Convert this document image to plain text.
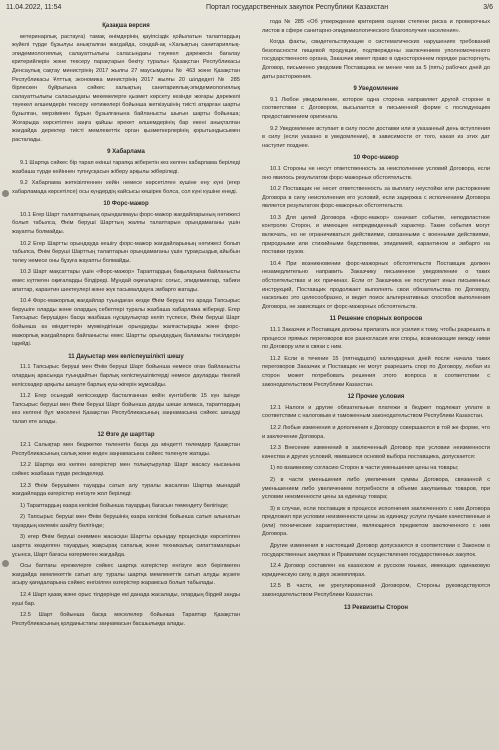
11.04.2022, 11:54	Портал государственных закупок Республики Казахстан	3/6
Қазақша версия

ветеринарлық растауға) тамақ өнімдерінің қауіпсіздік қойылатын талаптардың жүйелі түрде бұзылуы анықталған жағдайда, сондай-ақ «Халықтың санитариялық-эпидемиологиялық салауаттылығы саласындағы тәуекел дәрежесін бағалау критерийлерін және тексеру парақтарын бекіту туралы» Қазақстан Республикасы Денсаулық сақтау министрінің 2017 жылғы 27 маусымдағы № 463 және Қазақстан Республикасы Ұлттық экономика министрінің 2017 жылғы 20 шілдедегі № 285 бірлескен бұйрығына сәйкес халықтың санитариялық-эпидемиологиялық салауаттылығы саласындағы мекемелерге қызмет көрсету кезінде жоғары дәрежелі тәуекел өлшемдерін тексеру нәтижелері бойынша жеткізушінің тиісті атқарған шарты бұзылған, мерзімінен бұрын бұзылғанына байланысты шығын шарты бойынша; Жоғарыда көрсетілген заңға қайшы әрекет өлшемдерінің бар екені анықталған жағдайда деректер тиісті мемлекеттік орган қызметкерлерінің қорытындысымен расталады.

9 Хабарлама

9.1 Шартқа сәйкес бір тарап екінші тарапқа жіберетін кез келген хабарлама беріледі жазбаша түрде кейіннен түпнұсқасын жіберу арқылы жіберіледі.

9.2 Хабарлама жеткізілгеннен кейін немесе көрсетілген күшіне ену күні (егер хабарламада көрсетілсе) осы күндердің кайсысы кешірек болса, сол күні күшіне енеді.

10 Форс-мажор

10.1 Егер Шарт талаптарының орындалмауы форс-мажор жағдайларының нәтижесі болып табылса, Өнім беруші Шарттың жалпы талаптарын орындамағаны үшін жауапты болмайды.

10.2 Егер Шартты орындауда кешігу форс-мажор жағдайларының нәтижесі болып табылса, Өнім беруші Шарттың талаптарын орындамағаны үшін тұрақсыздық айыбын төлеу немесе оны бұзуға жауапты болмайды.

10.3 Шарт мақсаттары үшін «Форс-мажор» Тараптардың бақылауына байланысты емес күтпеген оқиғаларды білдіреді. Мұндай оқиғаларға: соғыс, эпидемиялар, табиғи апаттар, карантин шектеулері және жүк тасымалдауға эмбарго жатады.

10.4 Форс-мажорлық жағдайлар туындаған кезде Өнім беруші тез арада Тапсырыс берушіге оларды және олардың себептері туралы жазбаша хабарлама жібереді. Егер Тапсырыс берушіден басқа жазбаша нұсқаулықтар келіп түспесе, Өнім беруші Шарт бойынша өз міндеттерін мүмкіндігінше орындауды жалғастырады және форс-мажорлық жағдайларға байланысты емес Шартты орындаудың баламалы тәсілдерін іздейді.

11 Дауыстар мен келіспеушілікті шешу

11.1 Тапсырыс беруші мен Өнім беруші Шарт бойынша немесе оған байланысты олардың арасында туындайтын барлық келіспеушіліктерді немесе дауларды тікелей келіссөздер арқылы шешуге барлық күш-жігерін жұмсайды.

11.2 Егер осындай келіссөздер басталғаннан кейін күнтізбелік 15 күн ішінде Тапсырыс беруші мен Өнім беруші Шарт бойынша дауды шеше алмаса, тараптардың кез келгені бұл мәселені Қазақстан Республикасының заңнамасына сәйкес шешуді талап ете алады.

12 Өзге де шарттар

12.1 Салықтар мен бюджетке төленетін басқа да міндетті төлемдер Қазақстан Республикасының салық және кеден заңнамасына сәйкес төленуге жатады.

12.2 Шартқа кез келген өзгерістер мен толықтырулар Шарт жасасу нысанына сәйкес жазбаша түрде ресімделеді.

12.3 Өнім берушімен тауарды сатып алу туралы жасалған Шартқа мынадай жағдайларда өзгерістер енгізуге жол беріледі:

1) Тараптардың өзара келісімі бойынша тауардың бағасын төмендету бөлігінде;

2) Тапсырыс беруші мен Өнім берушінің өзара келісімі бойынша сатып алынатын тауардың көлемін азайту бөлігінде;

3) егер Өнім беруші ониммен жасасқан Шартты орындау процесінде көрсетілген шартта көзделген тауардың жақсырақ сапалық және техникалық сипаттамаларын ұсынса, Шарт бағасы өзгермеген жағдайда.

Осы баптағы ережелерге сәйкес шартқа өзгерістер енгізуге жол берілмеген жағдайда мемлекеттік сатып алу туралы шартқа мемлекеттік сатып алуды жүзеге асыру қағидаларына сәйкес енгізілген өзгерістер жарамсыз болып табылады.

12.4 Шарт қазақ және орыс тілдерінде екі данада жасалады, олардың бірдей заңды күші бар.

12.5 Шарт бойынша басқа мәселелер бойынша Тараптар Қазақстан Республикасының қолданыстағы заңнамасын басшылыққа алады.

года № 285 «Об утверждении критериев оценки степени риска и проверочных листов в сфере санитарно-эпидемиологического благополучия населения».

Когда факты, свидетельствующие о систематических нарушениях требований безопасности пищевой продукции, подтверждены заключением уполномоченного государственного органа, Заказчик имеет право в одностороннем порядке расторгнуть Договор, письменно уведомив Поставщика не менее чем за 5 (пять) рабочих дней до даты расторжения.

9 Уведомление

9.1 Любое уведомление, которое одна сторона направляет другой стороне в соответствии с Договором, высылается в письменной форме с последующим предоставлением оригинала.

9.2 Уведомление вступает в силу после доставки или в указанный день вступления в силу (если указано в уведомлении), в зависимости от того, какая из этих дат наступит позднее.

10 Форс-мажор

10.1 Стороны не несут ответственность за неисполнение условий Договора, если оно явилось результатом форс-мажорных обстоятельств.

10.2 Поставщик не несет ответственность за выплату неустойки или расторжение Договора в силу неисполнения его условий, если задержка с исполнением Договора является результатом форс-мажорных обстоятельств.

10.3 Для целей Договора «форс-мажор» означает событие, неподвластное контролю Сторон, и имеющее непредвиденный характер. Такие события могут включать, но не ограничиваться действиями, связанными с военными действиями, природными или стихийными бедствиями, эпидемией, карантином и эмбарго на поставки грузов.

10.4 При возникновении форс-мажорных обстоятельств Поставщик должен незамедлительно направить Заказчику письменное уведомление о таких обстоятельствах и их причинах. Если от Заказчика не поступает иных письменных инструкций, Поставщик продолжает выполнять свои обязательства по Договору, насколько это целесообразно, и ведет поиск альтернативных способов выполнения Договора, не зависящих от форс-мажорных обстоятельств.

11 Решение спорных вопросов

11.1 Заказчик и Поставщик должны прилагать все усилия к тому, чтобы разрешать в процессе прямых переговоров все разногласия или споры, возникающие между ними по Договору или в связи с ним.

11.2 Если в течение 15 (пятнадцати) календарных дней после начала таких переговоров Заказчик и Поставщик не могут разрешить спор по Договору, любая из сторон может потребовать решения этого вопроса в соответствии с законодательством Республики Казахстан.

12 Прочие условия

12.1 Налоги и другие обязательные платежи в бюджет подлежат уплате в соответствии с налоговым и таможенным законодательством Республики Казахстан.

12.2 Любые изменения и дополнения к Договору совершаются в той же форме, что и заключение Договора.

12.3 Внесение изменений в заключенный Договор при условии неизменности качества и других условий, явившихся основой выбора поставщика, допускается:

1) по взаимному согласию Сторон в части уменьшения цены на товары;

2) в части уменьшения либо увеличения суммы Договора, связанной с уменьшением либо увеличением потребности в объеме закупаемых товаров, при условии неизменности цены за единицу товара;

3) в случае, если поставщик в процессе исполнения заключенного с ним Договора предложил при условии неизменности цены за единицу услуги лучшие качественные и (или) технические характеристики, являющиеся предметом заключенного с ним Договора.

Другие изменения в настоящий Договор допускаются в соответствии с Законом о государственных закупках и Правилами осуществления государственных закупок.

12.4 Договор составлен на казахском и русском языках, имеющих одинаковую юридическую силу, в двух экземплярах.

12.5 В части, не урегулированной Договором, Стороны руководствуются законодательством Республики Казахстан.

13 Реквизиты Сторон
